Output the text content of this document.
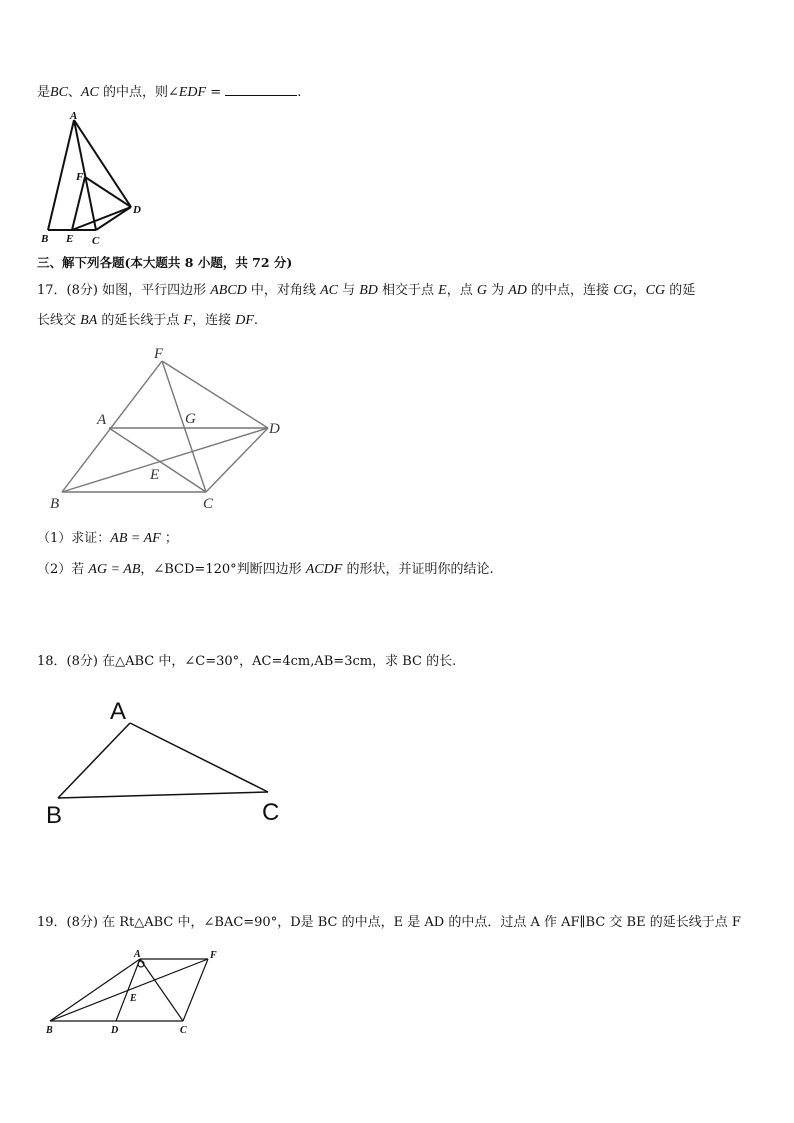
是BC、AC 的中点，则∠EDF =	.
A
F
D
B E C
三、解下列各题(本大题共 8 小题，共 72 分)
17．(8分) 如图，平行四边形 ABCD 中，对角线 AC 与 BD 相交于点 E，点 G 为 AD 的中点，连接 CG，CG 的延
长线交 BA 的延长线于点 F，连接 DF.
F
A	G
D
E
B	C
（1）求证：AB = AF ；
（2）若 AG = AB，∠BCD=120°判断四边形 ACDF 的形状，并证明你的结论.
18．(8分) 在△ABC 中，∠C=30°，AC=4cm,AB=3cm，求 BC 的长.
A
B	C
19．(8分) 在 Rt△ABC 中，∠BAC=90°，D是 BC 的中点，E 是 AD 的中点．过点 A 作 AF∥BC 交 BE 的延长线于点 F
A	F
E
B	D	C
